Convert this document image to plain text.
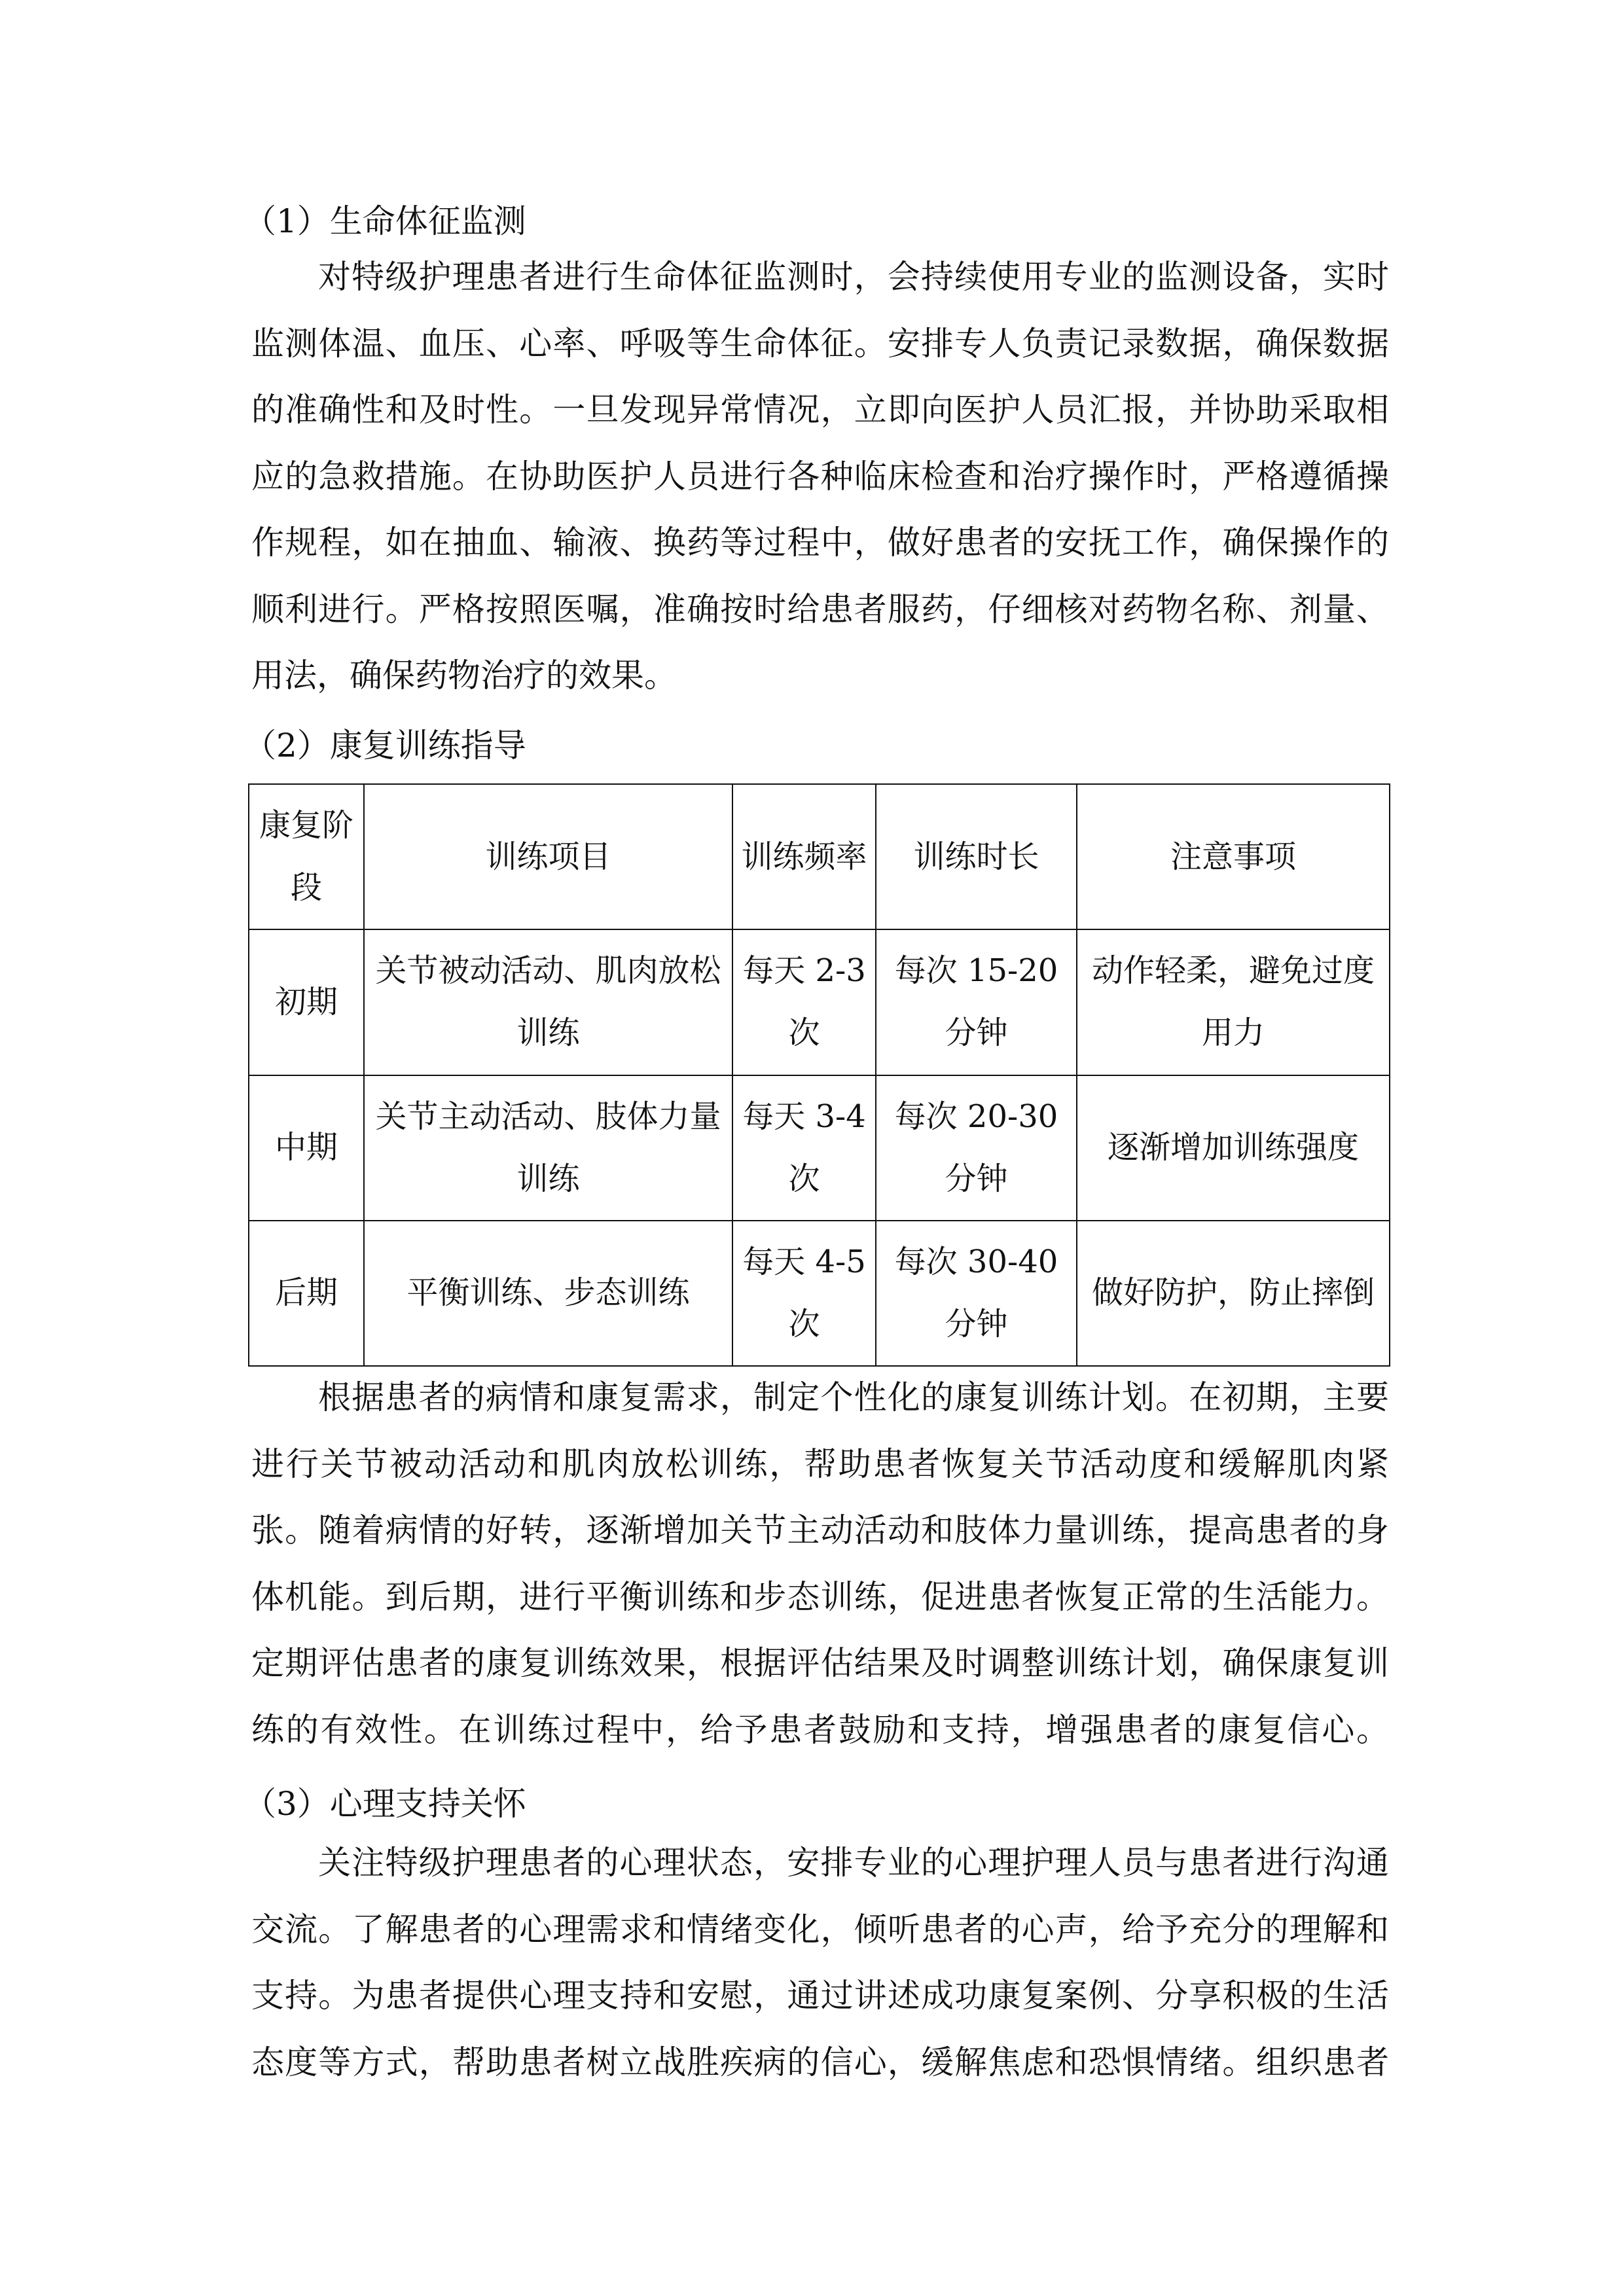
（1）生命体征监测
对特级护理患者进行生命体征监测时，会持续使用专业的监测设备，实时
监测体温、血压、心率、呼吸等生命体征。安排专人负责记录数据，确保数据
的准确性和及时性。一旦发现异常情况，立即向医护人员汇报，并协助采取相
应的急救措施。在协助医护人员进行各种临床检查和治疗操作时，严格遵循操
作规程，如在抽血、输液、换药等过程中，做好患者的安抚工作，确保操作的
顺利进行。严格按照医嘱，准确按时给患者服药，仔细核对药物名称、剂量、
用法，确保药物治疗的效果。
（2）康复训练指导
康复阶段	训练项目	训练频率	训练时长	注意事项
初期	关节被动活动、肌肉放松训练	每天 2-3 次	每次 15-20 分钟	动作轻柔，避免过度用力
中期	关节主动活动、肢体力量训练	每天 3-4 次	每次 20-30 分钟	逐渐增加训练强度
后期	平衡训练、步态训练	每天 4-5 次	每次 30-40 分钟	做好防护，防止摔倒
根据患者的病情和康复需求，制定个性化的康复训练计划。在初期，主要
进行关节被动活动和肌肉放松训练，帮助患者恢复关节活动度和缓解肌肉紧
张。随着病情的好转，逐渐增加关节主动活动和肢体力量训练，提高患者的身
体机能。到后期，进行平衡训练和步态训练，促进患者恢复正常的生活能力。
定期评估患者的康复训练效果，根据评估结果及时调整训练计划，确保康复训
练的有效性。在训练过程中，给予患者鼓励和支持，增强患者的康复信心。
（3）心理支持关怀
关注特级护理患者的心理状态，安排专业的心理护理人员与患者进行沟通
交流。了解患者的心理需求和情绪变化，倾听患者的心声，给予充分的理解和
支持。为患者提供心理支持和安慰，通过讲述成功康复案例、分享积极的生活
态度等方式，帮助患者树立战胜疾病的信心，缓解焦虑和恐惧情绪。组织患者
